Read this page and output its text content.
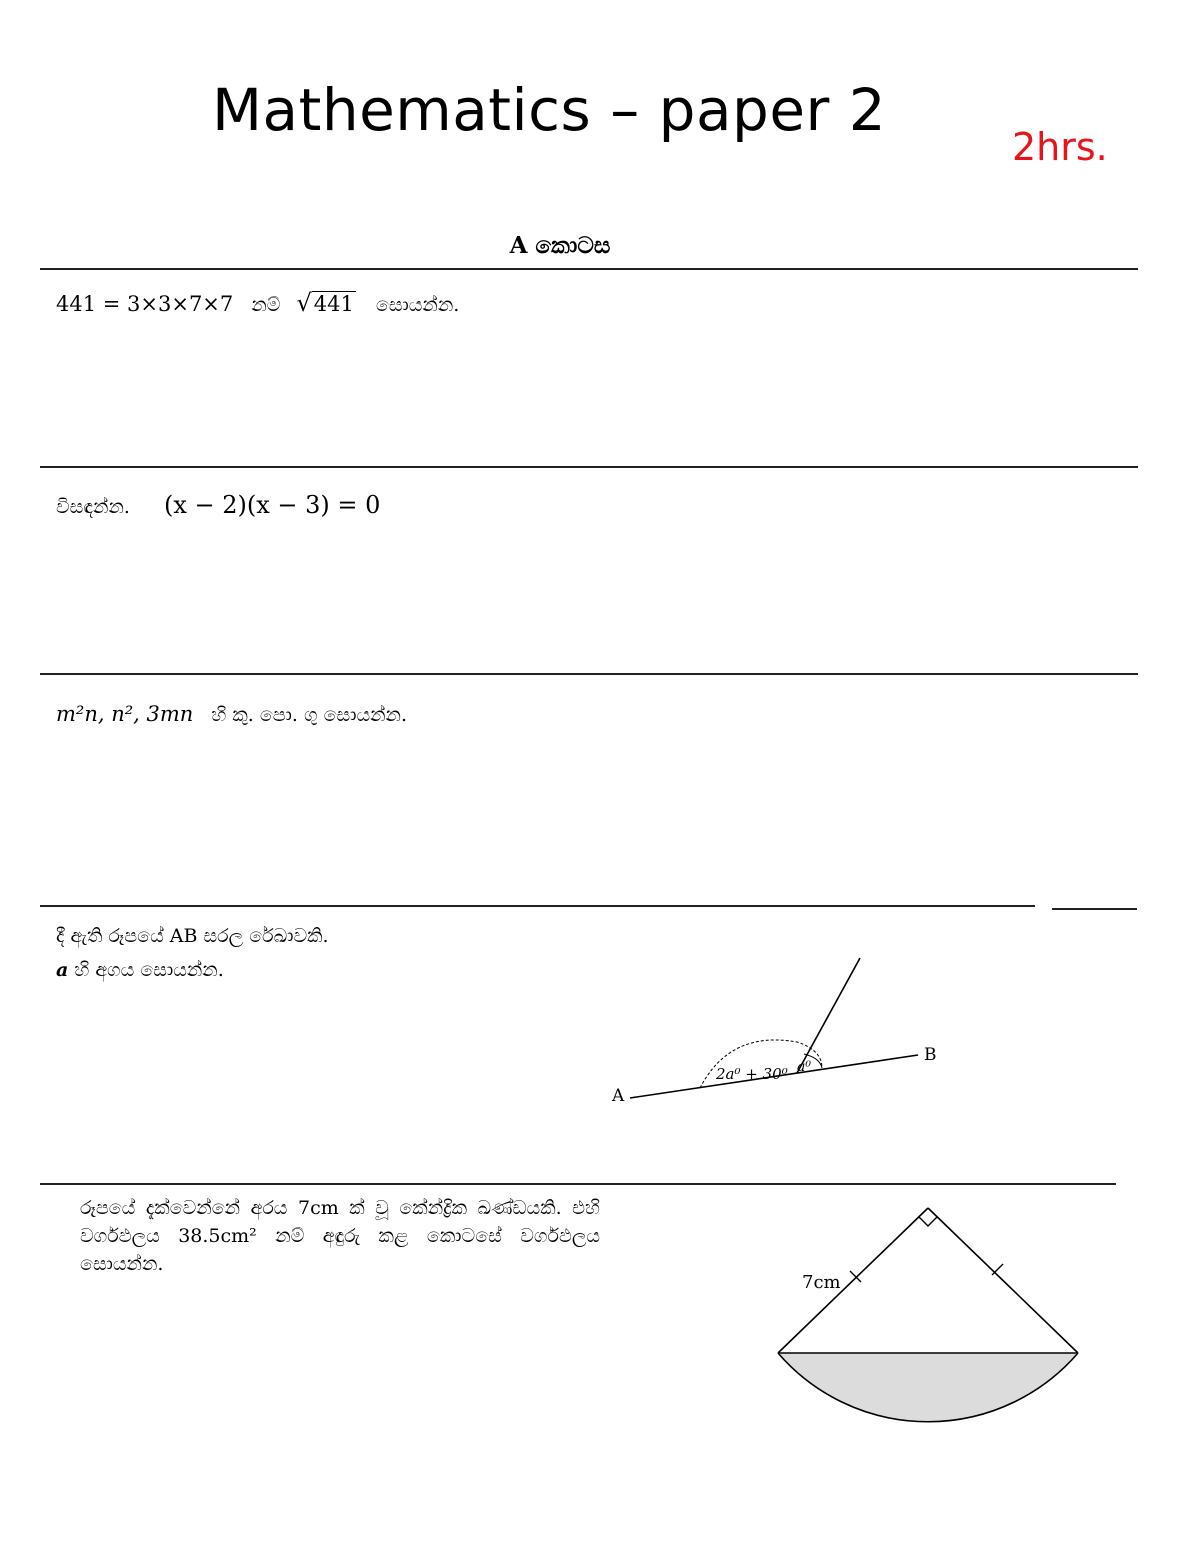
Mathematics – paper 2
2hrs.
A කොටස
441 = 3×3×7×7 නම් √441 සොයන්න.
විසඳන්න. (x − 2)(x − 3) = 0
m²n, n², 3mn හි කු. පො. ගු සොයන්න.
දී ඇති රූපයේ AB සරල රේඛාවකි.
a හි අගය සොයන්න.
A
B
2a⁰ + 30⁰ a⁰
රූපයේ දැක්වෙන්නේ අරය 7cm ක් වූ කේන්ද්‍රික ඛණ්ඩයකි. එහි වර්ගඵලය 38.5cm² නම් අඳුරු කළ කොටසේ වර්ගඵලය සොයන්න.
7cm
